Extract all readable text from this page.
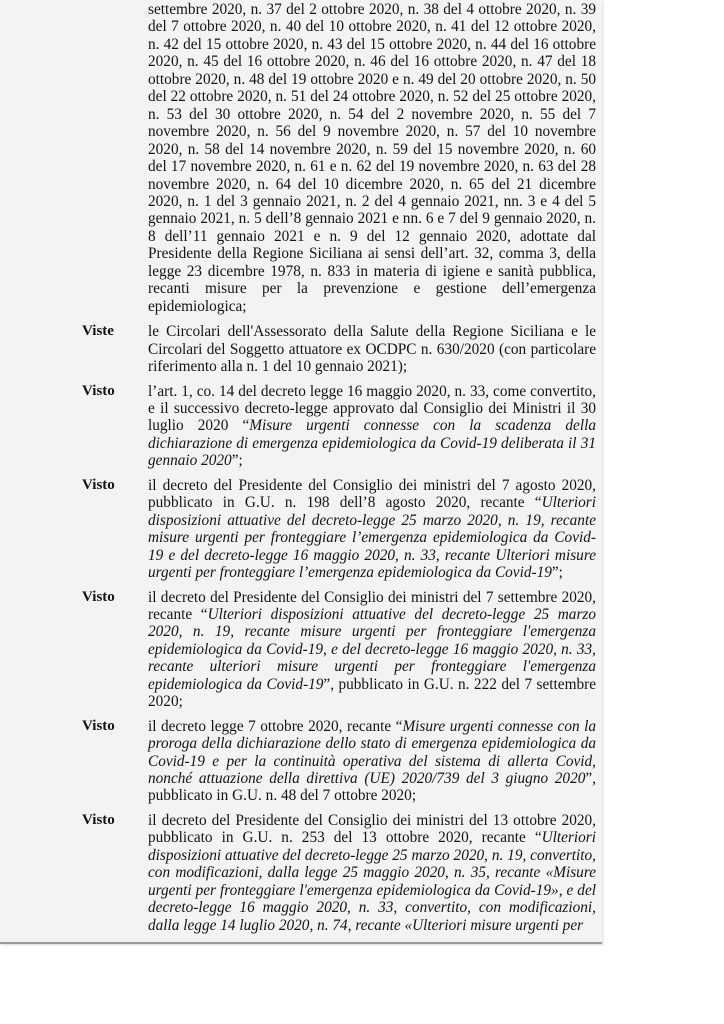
settembre 2020, n. 37 del 2 ottobre 2020, n. 38 del 4 ottobre 2020, n. 39 del 7 ottobre 2020, n. 40 del 10 ottobre 2020, n. 41 del 12 ottobre 2020, n. 42 del 15 ottobre 2020, n. 43 del 15 ottobre 2020, n. 44 del 16 ottobre 2020, n. 45 del 16 ottobre 2020, n. 46 del 16 ottobre 2020, n. 47 del 18 ottobre 2020, n. 48 del 19 ottobre 2020 e n. 49 del 20 ottobre 2020, n. 50 del 22 ottobre 2020, n. 51 del 24 ottobre 2020, n. 52 del 25 ottobre 2020, n. 53 del 30 ottobre 2020, n. 54 del 2 novembre 2020, n. 55 del 7 novembre 2020, n. 56 del 9 novembre 2020, n. 57 del 10 novembre 2020, n. 58 del 14 novembre 2020, n. 59 del 15 novembre 2020, n. 60 del 17 novembre 2020, n. 61 e n. 62 del 19 novembre 2020, n. 63 del 28 novembre 2020, n. 64 del 10 dicembre 2020, n. 65 del 21 dicembre 2020, n. 1 del 3 gennaio 2021, n. 2 del 4 gennaio 2021, nn. 3 e 4 del 5 gennaio 2021, n. 5 dell’8 gennaio 2021 e nn. 6 e 7 del 9 gennaio 2020, n. 8 dell’11 gennaio 2021 e n. 9 del 12 gennaio 2020, adottate dal Presidente della Regione Siciliana ai sensi dell’art. 32, comma 3, della legge 23 dicembre 1978, n. 833 in materia di igiene e sanità pubblica, recanti misure per la prevenzione e gestione dell’emergenza epidemiologica;
Viste le Circolari dell'Assessorato della Salute della Regione Siciliana e le Circolari del Soggetto attuatore ex OCDPC n. 630/2020 (con particolare riferimento alla n. 1 del 10 gennaio 2021);
Visto l’art. 1, co. 14 del decreto legge 16 maggio 2020, n. 33, come convertito, e il successivo decreto-legge approvato dal Consiglio dei Ministri il 30 luglio 2020 “Misure urgenti connesse con la scadenza della dichiarazione di emergenza epidemiologica da Covid-19 deliberata il 31 gennaio 2020”;
Visto il decreto del Presidente del Consiglio dei ministri del 7 agosto 2020, pubblicato in G.U. n. 198 dell’8 agosto 2020, recante “Ulteriori disposizioni attuative del decreto-legge 25 marzo 2020, n. 19, recante misure urgenti per fronteggiare l’emergenza epidemiologica da Covid-19 e del decreto-legge 16 maggio 2020, n. 33, recante Ulteriori misure urgenti per fronteggiare l’emergenza epidemiologica da Covid-19”;
Visto il decreto del Presidente del Consiglio dei ministri del 7 settembre 2020, recante “Ulteriori disposizioni attuative del decreto-legge 25 marzo 2020, n. 19, recante misure urgenti per fronteggiare l'emergenza epidemiologica da Covid-19, e del decreto-legge 16 maggio 2020, n. 33, recante ulteriori misure urgenti per fronteggiare l'emergenza epidemiologica da Covid-19”, pubblicato in G.U. n. 222 del 7 settembre 2020;
Visto il decreto legge 7 ottobre 2020, recante “Misure urgenti connesse con la proroga della dichiarazione dello stato di emergenza epidemiologica da Covid-19 e per la continuità operativa del sistema di allerta Covid, nonché attuazione della direttiva (UE) 2020/739 del 3 giugno 2020”, pubblicato in G.U. n. 48 del 7 ottobre 2020;
Visto il decreto del Presidente del Consiglio dei ministri del 13 ottobre 2020, pubblicato in G.U. n. 253 del 13 ottobre 2020, recante “Ulteriori disposizioni attuative del decreto-legge 25 marzo 2020, n. 19, convertito, con modificazioni, dalla legge 25 maggio 2020, n. 35, recante «Misure urgenti per fronteggiare l'emergenza epidemiologica da Covid-19», e del decreto-legge 16 maggio 2020, n. 33, convertito, con modificazioni, dalla legge 14 luglio 2020, n. 74, recante «Ulteriori misure urgenti per
